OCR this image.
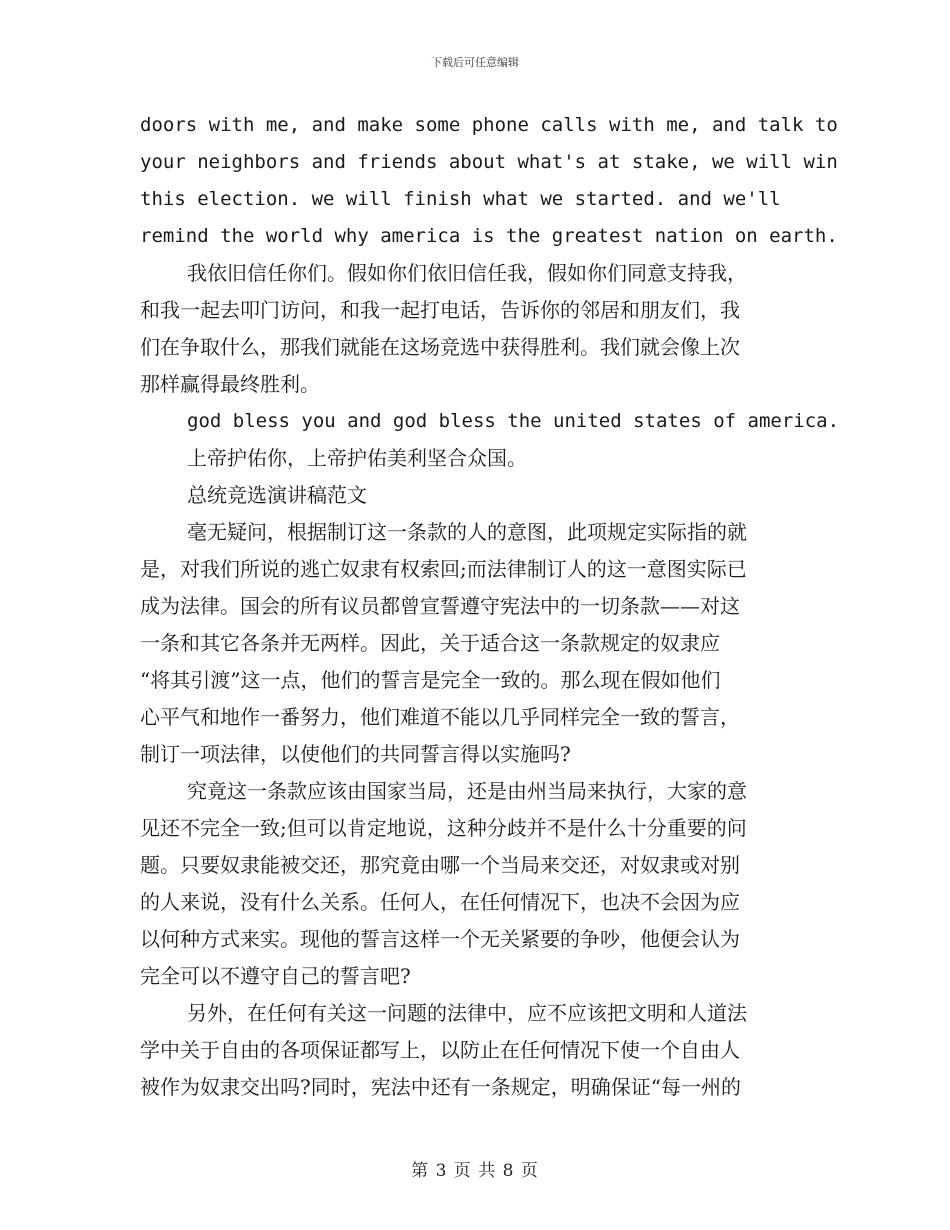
下载后可任意编辑

doors with me, and make some phone calls with me, and talk to

your neighbors and friends about what's at stake, we will win

this election. we will finish what we started. and we'll

remind the world why america is the greatest nation on earth.

我依旧信任你们。假如你们依旧信任我，假如你们同意支持我，

和我一起去叩门访问，和我一起打电话，告诉你的邻居和朋友们，我

们在争取什么，那我们就能在这场竞选中获得胜利。我们就会像上次

那样赢得最终胜利。

god bless you and god bless the united states of america.

上帝护佑你，上帝护佑美利坚合众国。

总统竞选演讲稿范文

毫无疑问，根据制订这一条款的人的意图，此项规定实际指的就

是，对我们所说的逃亡奴隶有权索回;而法律制订人的这一意图实际已

成为法律。国会的所有议员都曾宣誓遵守宪法中的一切条款——对这

一条和其它各条并无两样。因此，关于适合这一条款规定的奴隶应

“将其引渡”这一点，他们的誓言是完全一致的。那么现在假如他们

心平气和地作一番努力，他们难道不能以几乎同样完全一致的誓言，

制订一项法律，以使他们的共同誓言得以实施吗?

究竟这一条款应该由国家当局，还是由州当局来执行，大家的意

见还不完全一致;但可以肯定地说，这种分歧并不是什么十分重要的问

题。只要奴隶能被交还，那究竟由哪一个当局来交还，对奴隶或对别

的人来说，没有什么关系。任何人，在任何情况下，也决不会因为应

以何种方式来实。现他的誓言这样一个无关紧要的争吵，他便会认为

完全可以不遵守自己的誓言吧?

另外，在任何有关这一问题的法律中，应不应该把文明和人道法

学中关于自由的各项保证都写上，以防止在任何情况下使一个自由人

被作为奴隶交出吗?同时，宪法中还有一条规定，明确保证“每一州的

第 3 页 共 8 页
